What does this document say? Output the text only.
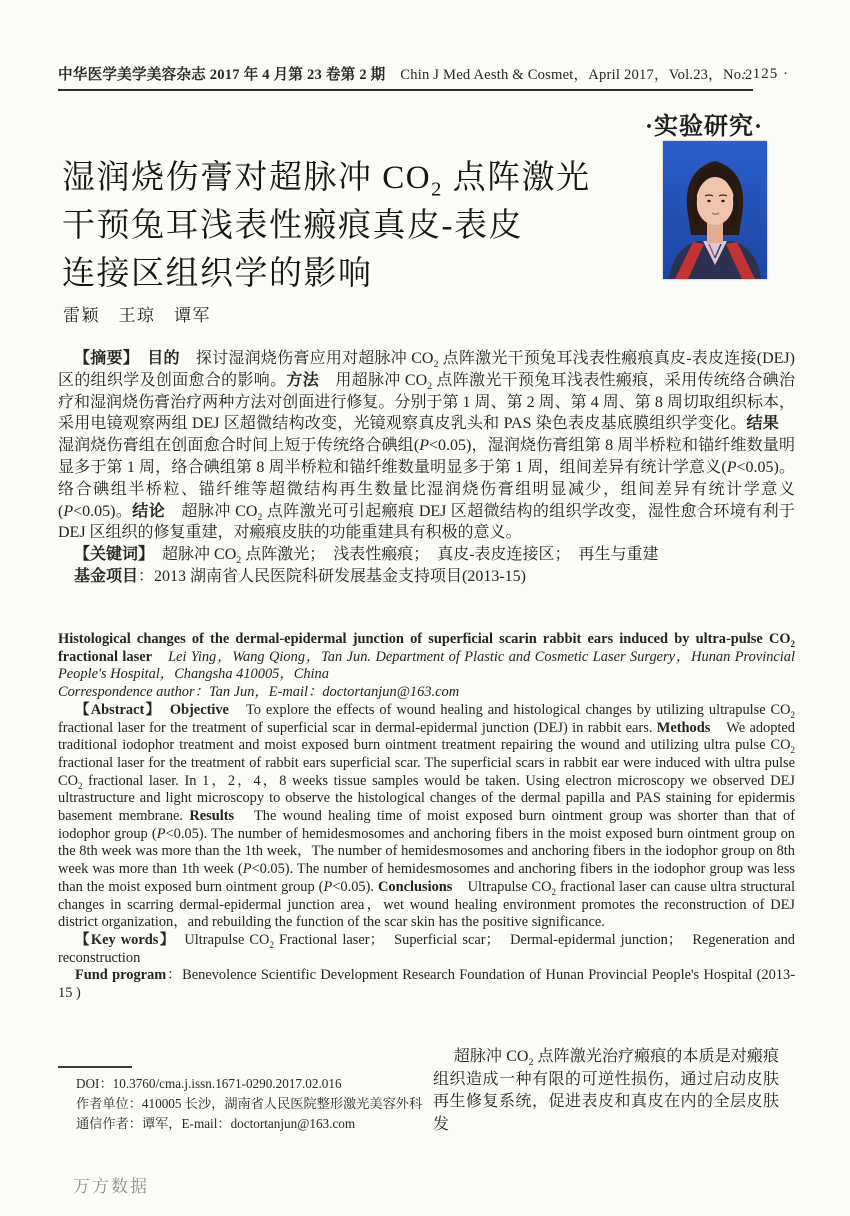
中华医学美学美容杂志 2017 年 4 月第 23 卷第 2 期　Chin J Med Aesth & Cosmet，April 2017，Vol.23，No.2
· 125 ·
·实验研究·
湿润烧伤膏对超脉冲 $CO_2$ 点阵激光
干预兔耳浅表性瘢痕真皮-表皮
连接区组织学的影响
雷颖　王琼　谭军

【摘要】　 目的　探讨湿润烧伤膏应用对超脉冲 $CO_2$ 点阵激光干预兔耳浅表性瘢痕真皮-表皮连接(DEJ)区的组织学及创面愈合的影响。方法　用超脉冲 $CO_2$ 点阵激光干预兔耳浅表性瘢痕，采用传统络合碘治疗和湿润烧伤膏治疗两种方法对创面进行修复。分别于第 1 周、第 2 周、第 4 周、第 8 周切取组织标本，采用电镜观察两组 DEJ 区超微结构改变，光镜观察真皮乳头和 PAS 染色表皮基底膜组织学变化。结果　湿润烧伤膏组在创面愈合时间上短于传统络合碘组(P<0.05)，湿润烧伤膏组第 8 周半桥粒和锚纤维数量明显多于第 1 周，络合碘组第 8 周半桥粒和锚纤维数量明显多于第 1 周，组间差异有统计学意义(P<0.05)。络合碘组半桥粒、锚纤维等超微结构再生数量比湿润烧伤膏组明显减少，组间差异有统计学意义(P<0.05)。结论　超脉冲 $CO_2$ 点阵激光可引起瘢痕 DEJ 区超微结构的组织学改变，湿性愈合环境有利于 DEJ 区组织的修复重建，对瘢痕皮肤的功能重建具有积极的意义。

【关键词】　超脉冲 $CO_2$ 点阵激光；　浅表性瘢痕；　真皮-表皮连接区；　再生与重建

基金项目：2013 湖南省人民医院科研发展基金支持项目(2013-15)

Histological changes of the dermal-epidermal junction of superficial scarin rabbit ears induced by ultra-pulse $CO_2$ fractional laser　 Lei Ying，Wang Qiong，Tan Jun. Department of Plastic and Cosmetic Laser Surgery，Hunan Provincial People's Hospital，Changsha 410005，China

Correspondence author：Tan Jun，E-mail：doctortanjun@163.com

【Abstract】　 Objective　To explore the effects of wound healing and histological changes by utilizing ultrapulse $CO_2$ fractional laser for the treatment of superficial scar in dermal-epidermal junction (DEJ) in rabbit ears. Methods　We adopted traditional iodophor treatment and moist exposed burn ointment treatment repairing the wound and utilizing ultra pulse $CO_2$ fractional laser for the treatment of rabbit ears superficial scar. The superficial scars in rabbit ear were induced with ultra pulse $CO_2$ fractional laser. In 1，2，4，8 weeks tissue samples would be taken. Using electron microscopy we observed DEJ ultrastructure and light microscopy to observe the histological changes of the dermal papilla and PAS staining for epidermis basement membrane. Results　The wound healing time of moist exposed burn ointment group was shorter than that of iodophor group (P<0.05). The number of hemidesmosomes and anchoring fibers in the moist exposed burn ointment group on the 8th week was more than the 1th week，The number of hemidesmosomes and anchoring fibers in the iodophor group on 8th week was more than 1th week (P<0.05). The number of hemidesmosomes and anchoring fibers in the iodophor group was less than the moist exposed burn ointment group (P<0.05). Conclusions　Ultrapulse $CO_2$ fractional laser can cause ultra structural changes in scarring dermal-epidermal junction area，wet wound healing environment promotes the reconstruction of DEJ district organization，and rebuilding the function of the scar skin has the positive significance.

【Key words】　Ultrapulse $CO_2$ Fractional laser；　Superficial scar；　Dermal-epidermal junction；　Regeneration and reconstruction

Fund program：Benevolence Scientific Development Research Foundation of Hunan Provincial People's Hospital (2013-15 )

DOI：10.3760/cma.j.issn.1671-0290.2017.02.016
作者单位：410005 长沙，湖南省人民医院整形激光美容外科
通信作者：谭军，E-mail：doctortanjun@163.com
超脉冲 $CO_2$ 点阵激光治疗瘢痕的本质是对瘢痕组织造成一种有限的可逆性损伤，通过启动皮肤再生修复系统，促进表皮和真皮在内的全层皮肤发
万方数据
